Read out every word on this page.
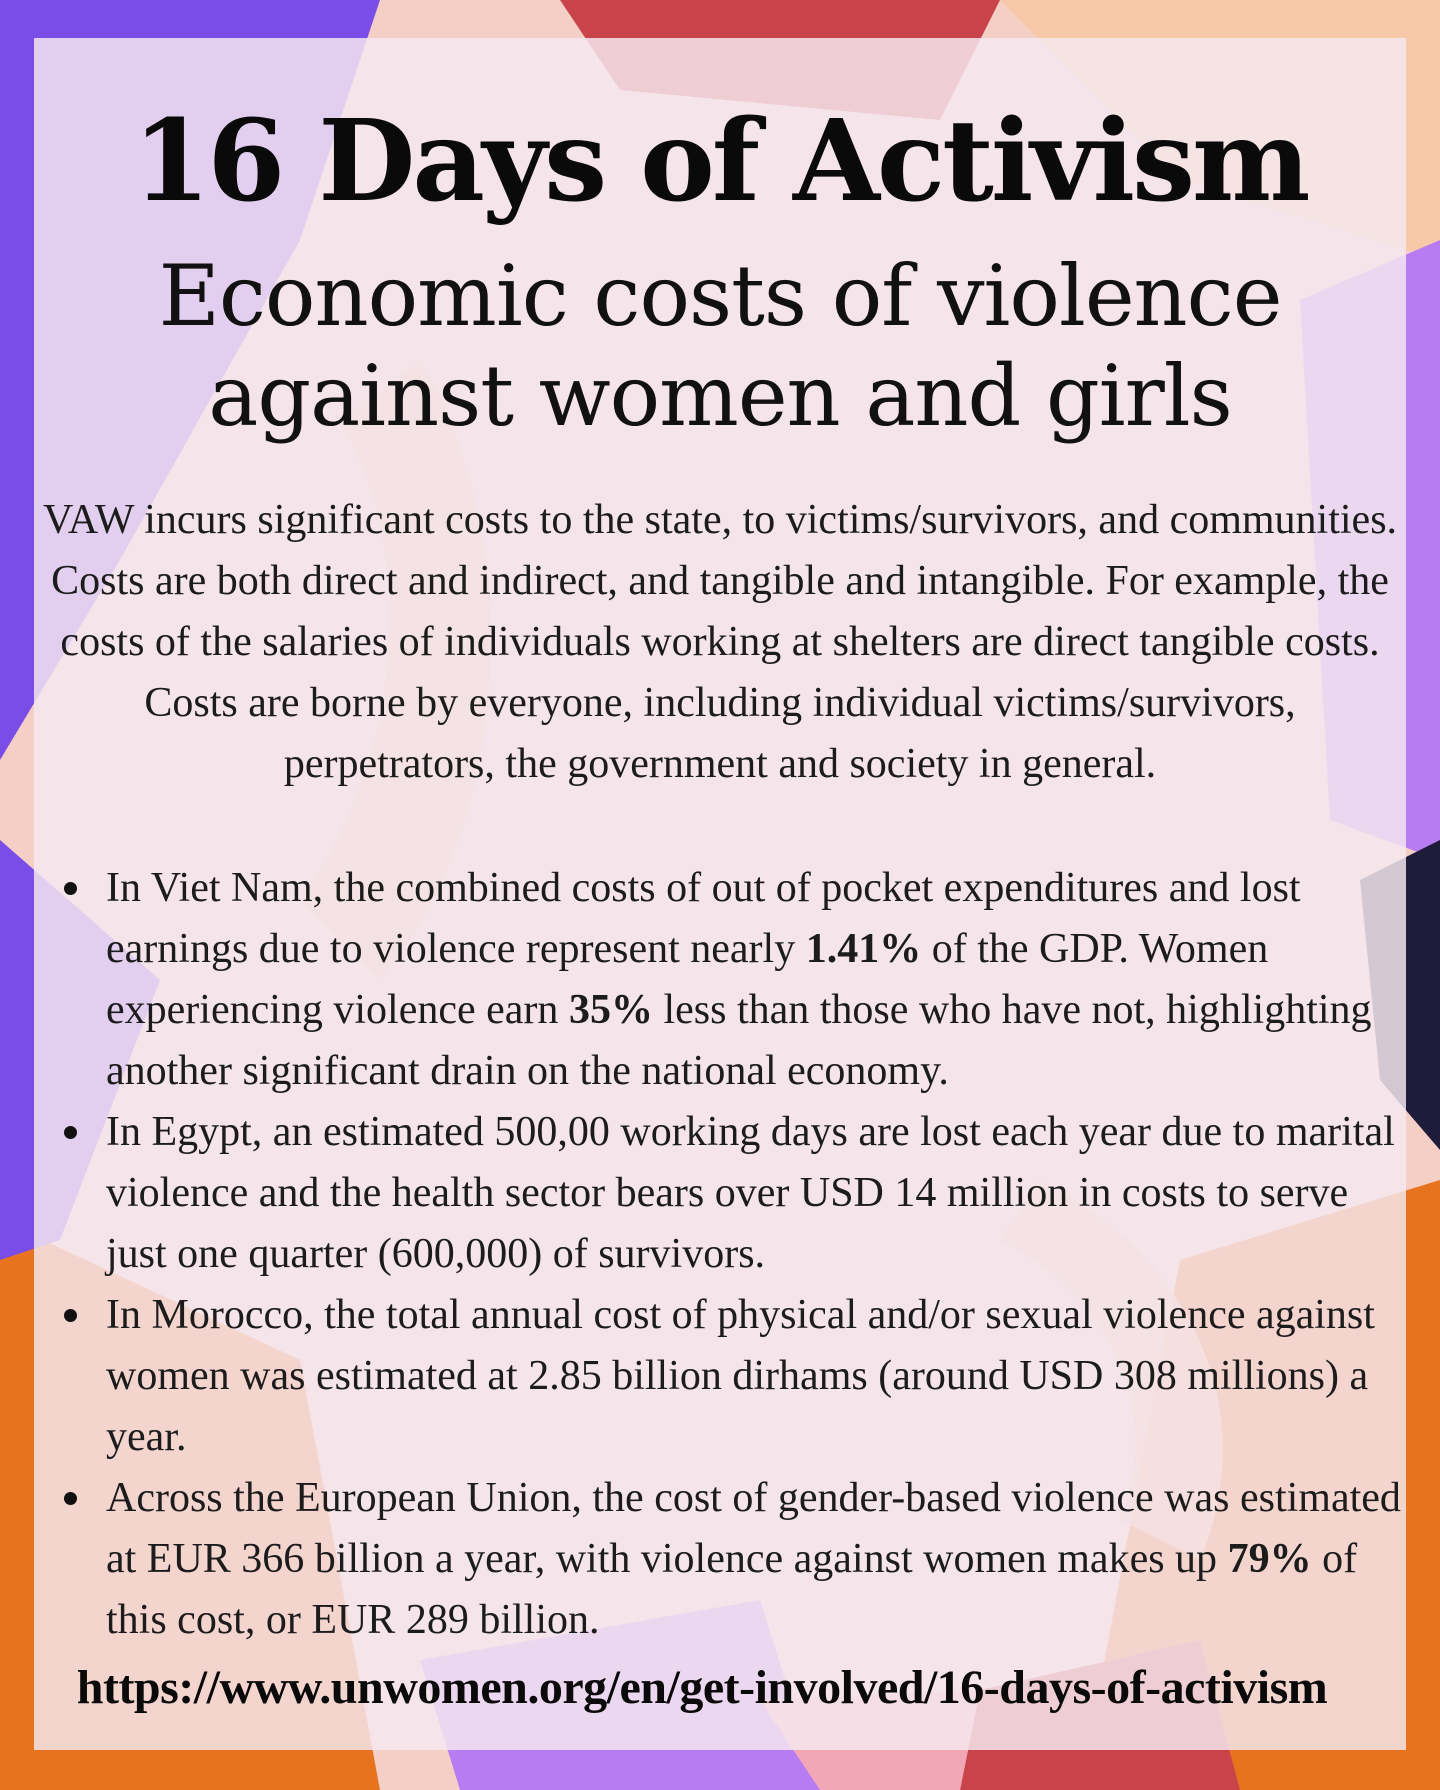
16 Days of Activism
Economic costs of violence
against women and girls

VAW incurs significant costs to the state, to victims/survivors, and communities. Costs are both direct and indirect, and tangible and intangible. For example, the costs of the salaries of individuals working at shelters are direct tangible costs. Costs are borne by everyone, including individual victims/survivors, perpetrators, the government and society in general.

In Viet Nam, the combined costs of out of pocket expenditures and lost earnings due to violence represent nearly 1.41% of the GDP. Women experiencing violence earn 35% less than those who have not, highlighting another significant drain on the national economy.
In Egypt, an estimated 500,00 working days are lost each year due to marital violence and the health sector bears over USD 14 million in costs to serve just one quarter (600,000) of survivors.
In Morocco, the total annual cost of physical and/or sexual violence against women was estimated at 2.85 billion dirhams (around USD 308 millions) a year.
Across the European Union, the cost of gender-based violence was estimated at EUR 366 billion a year, with violence against women makes up 79% of this cost, or EUR 289 billion.
https://www.unwomen.org/en/get-involved/16-days-of-activism
